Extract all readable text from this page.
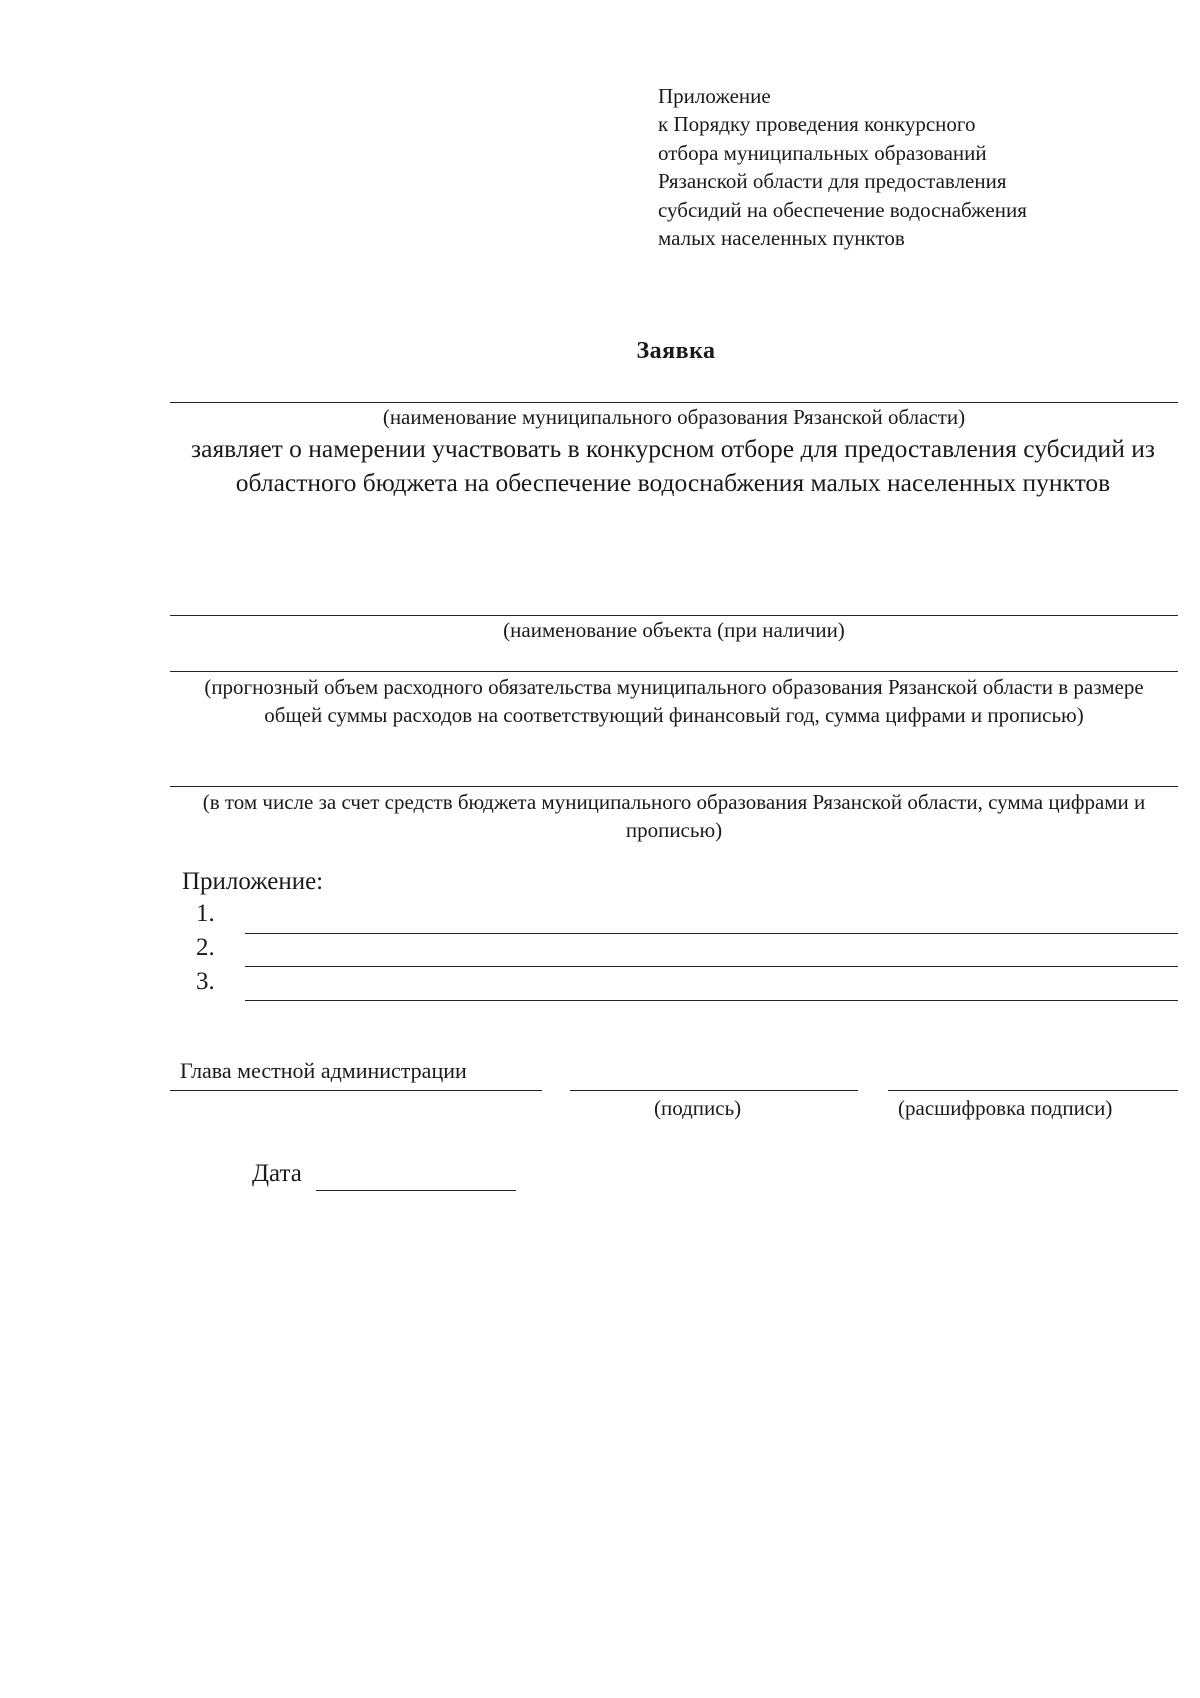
Приложение
к Порядку проведения конкурсного
отбора муниципальных образований
Рязанской области для предоставления
субсидий на обеспечение водоснабжения
малых населенных пунктов
Заявка
(наименование муниципального образования Рязанской области)
заявляет о намерении участвовать в конкурсном отборе для предоставления субсидий из областного бюджета на обеспечение водоснабжения малых населенных пунктов
(наименование объекта (при наличии)
(прогнозный объем расходного обязательства муниципального образования Рязанской области в размере общей суммы расходов на соответствующий финансовый год, сумма цифрами и прописью)
(в том числе за счет средств бюджета муниципального образования Рязанской области, сумма цифрами и прописью)
Приложение:
1.
2.
3.
Глава местной администрации
(подпись)	(расшифровка подписи)
Дата
